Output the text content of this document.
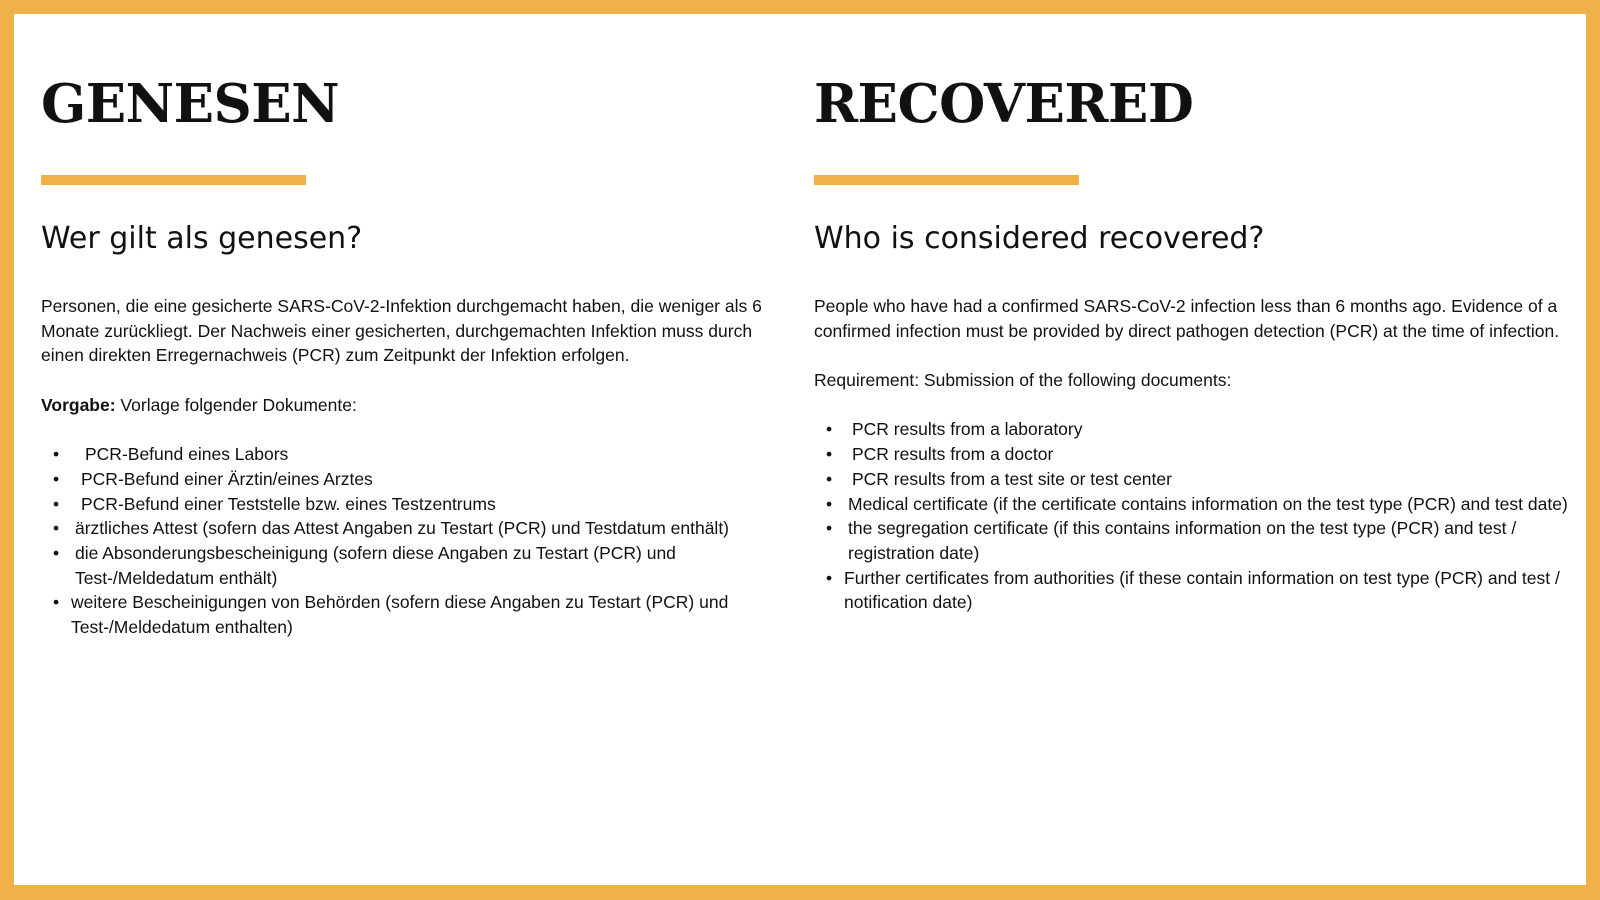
GENESEN
Wer gilt als genesen?

Personen, die eine gesicherte SARS-CoV-2-Infektion durchgemacht haben, die weniger als 6 Monate zurückliegt. Der Nachweis einer gesicherten, durchgemachten Infektion muss durch einen direkten Erregernachweis (PCR) zum Zeitpunkt der Infektion erfolgen.

Vorgabe: Vorlage folgender Dokumente:

•	PCR-Befund eines Labors
•	PCR-Befund einer Ärztin/eines Arztes
•	PCR-Befund einer Teststelle bzw. eines Testzentrums
• ärztliches Attest (sofern das Attest Angaben zu Testart (PCR) und Testdatum enthält)
• die Absonderungsbescheinigung (sofern diese Angaben zu Testart (PCR) und Test-/Meldedatum enthält)
• weitere Bescheinigungen von Behörden (sofern diese Angaben zu Testart (PCR) und Test-/Meldedatum enthalten)
RECOVERED
Who is considered recovered?

People who have had a confirmed SARS-CoV-2 infection less than 6 months ago. Evidence of a confirmed infection must be provided by direct pathogen detection (PCR) at the time of infection.

Requirement: Submission of the following documents:

•	PCR results from a laboratory
•	PCR results from a doctor
•	PCR results from a test site or test center
• Medical certificate (if the certificate contains information on the test type (PCR) and test date)
• the segregation certificate (if this contains information on the test type (PCR) and test / registration date)
• Further certificates from authorities (if these contain information on test type (PCR) and test / notification date)
